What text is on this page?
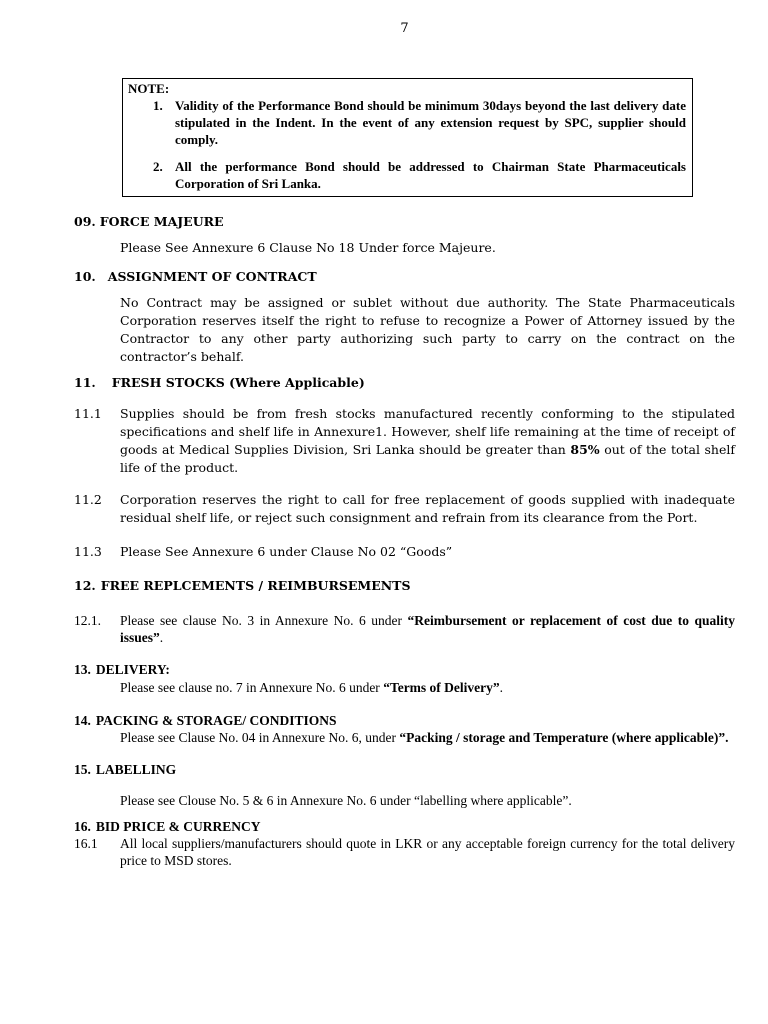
7
NOTE:
1. Validity of the Performance Bond should be minimum 30days beyond the last delivery date stipulated in the Indent. In the event of any extension request by SPC, supplier should comply.
2. All the performance Bond should be addressed to Chairman State Pharmaceuticals Corporation of Sri Lanka.
09. FORCE MAJEURE
Please See Annexure 6 Clause No 18 Under force Majeure.
10. ASSIGNMENT OF CONTRACT
No Contract may be assigned or sublet without due authority. The State Pharmaceuticals Corporation reserves itself the right to refuse to recognize a Power of Attorney issued by the Contractor to any other party authorizing such party to carry on the contract on the contractor’s behalf.
11. FRESH STOCKS (Where Applicable)
11.1	Supplies should be from fresh stocks manufactured recently conforming to the stipulated specifications and shelf life in Annexure1. However, shelf life remaining at the time of receipt of goods at Medical Supplies Division, Sri Lanka should be greater than 85% out of the total shelf life of the product.
11.2	Corporation reserves the right to call for free replacement of goods supplied with inadequate residual shelf life, or reject such consignment and refrain from its clearance from the Port.
11.3	Please See Annexure 6 under Clause No 02 “Goods”
12. FREE REPLCEMENTS / REIMBURSEMENTS
12.1.	Please see clause No. 3 in Annexure No. 6 under “Reimbursement or replacement of cost due to quality issues”.
13. DELIVERY:
Please see clause no. 7 in Annexure No. 6 under “Terms of Delivery”.
14. PACKING & STORAGE/ CONDITIONS
Please see Clause No. 04 in Annexure No. 6, under “Packing / storage and Temperature (where applicable)”.
15. LABELLING
Please see Clouse No. 5 & 6 in Annexure No. 6 under “labelling where applicable”.
16. BID PRICE & CURRENCY
16.1	All local suppliers/manufacturers should quote in LKR or any acceptable foreign currency for the total delivery price to MSD stores.
